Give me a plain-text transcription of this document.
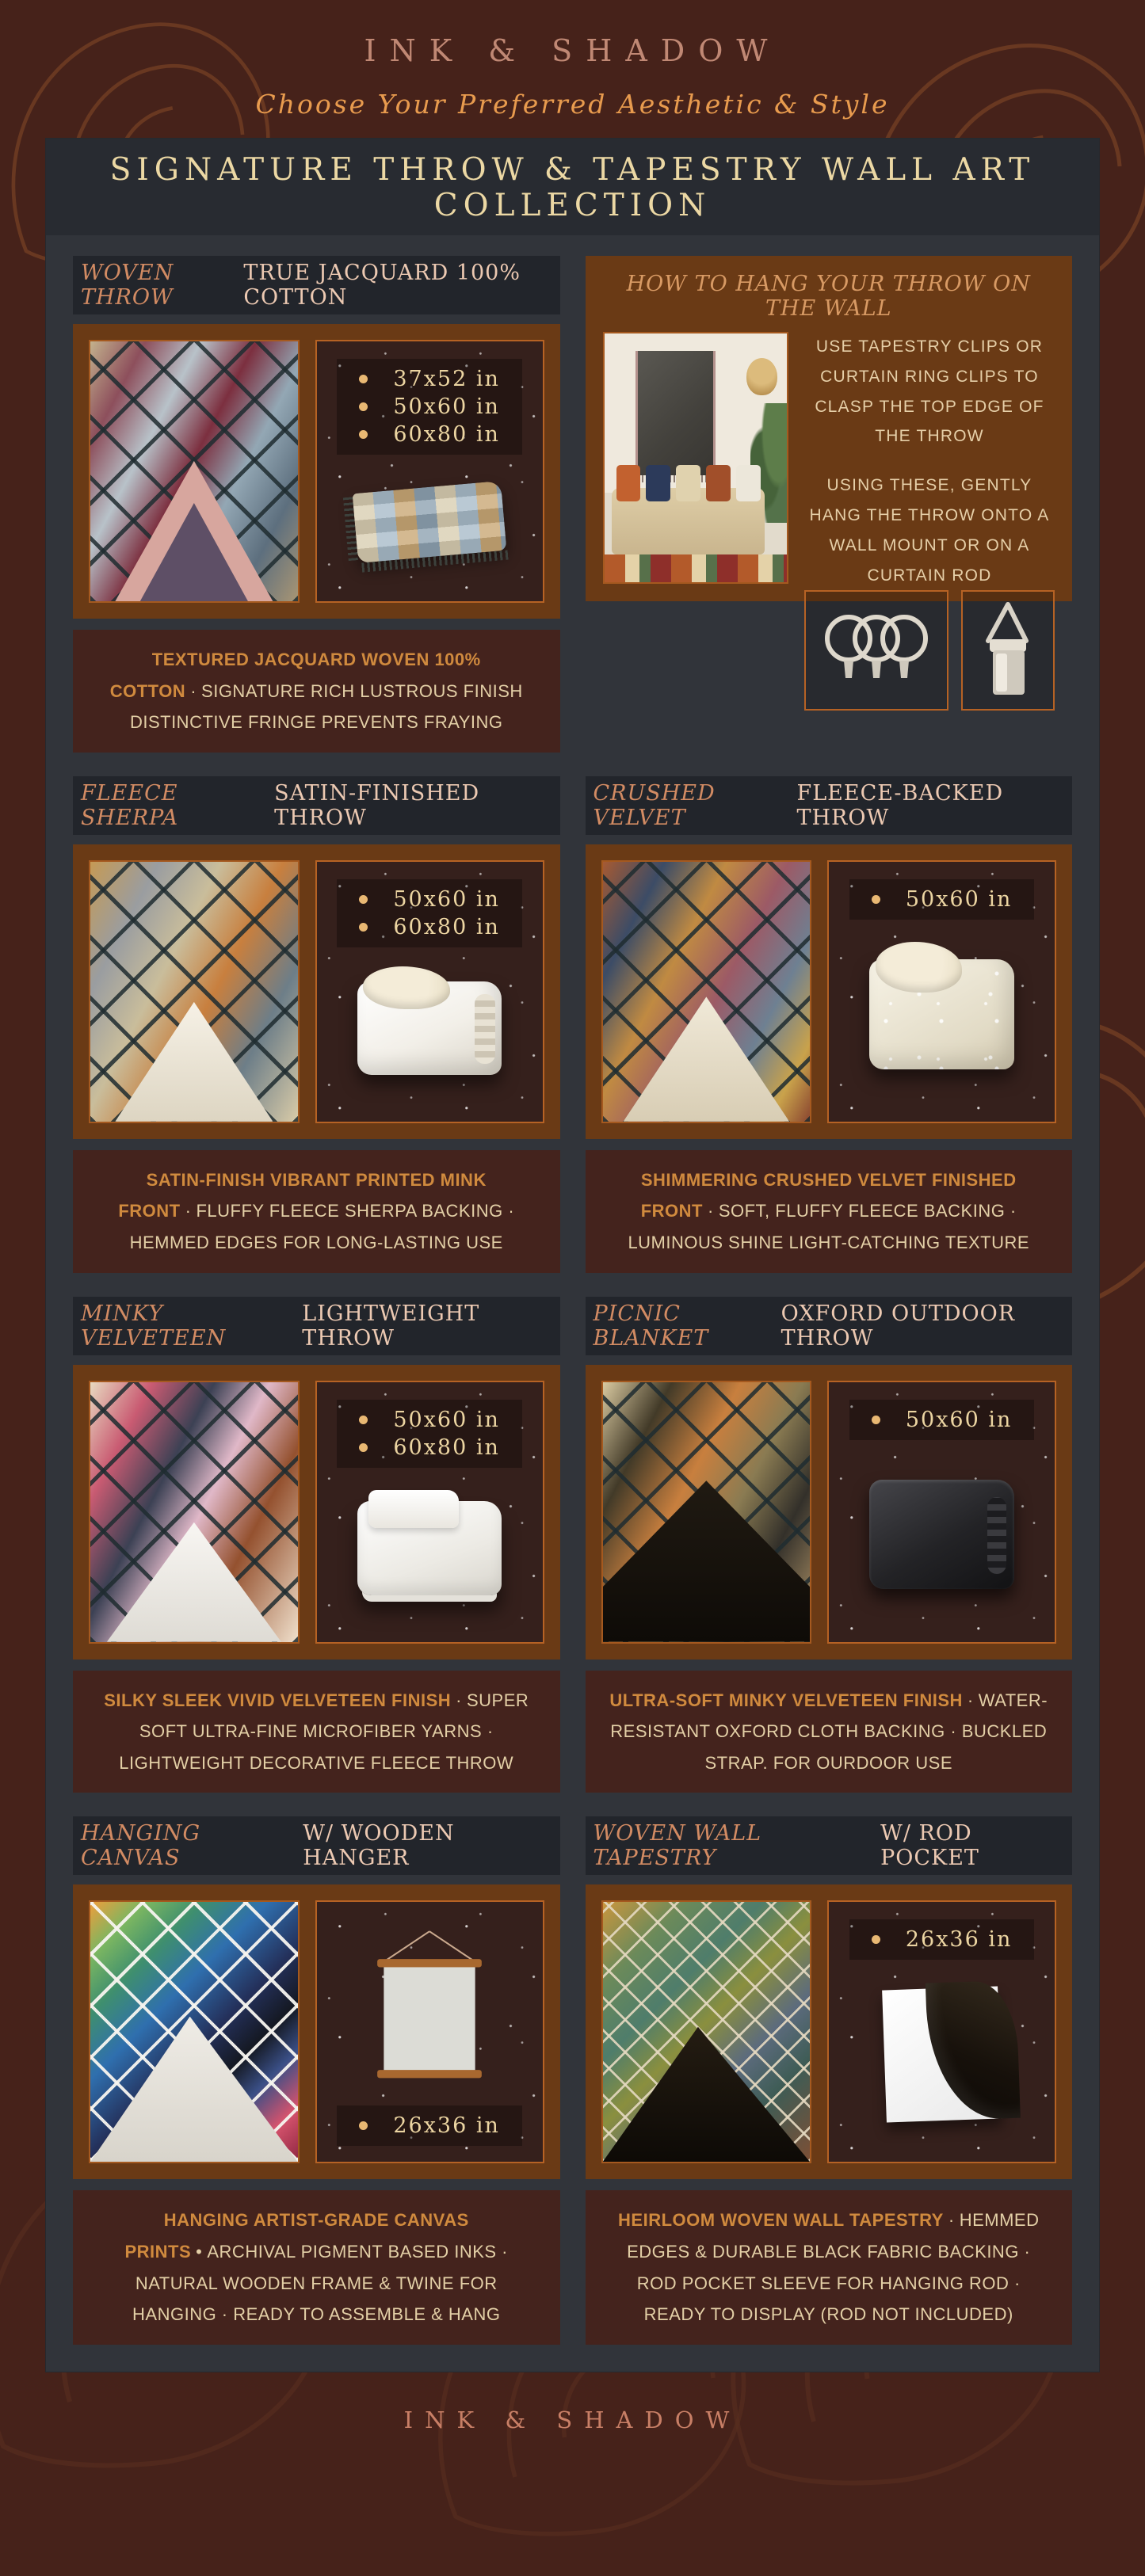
INK & SHADOW
Choose Your Preferred Aesthetic & Style
SIGNATURE THROW & TAPESTRY WALL ART COLLECTION
WOVEN THROW
TRUE JACQUARD 100% COTTON
37x52 in
50x60 in
60x80 in
TEXTURED JACQUARD WOVEN 100% COTTON · SIGNATURE RICH LUSTROUS FINISH DISTINCTIVE FRINGE PREVENTS FRAYING
HOW TO HANG YOUR THROW ON THE WALL
USE TAPESTRY CLIPS OR CURTAIN RING CLIPS TO CLASP THE TOP EDGE OF THE THROW
USING THESE, GENTLY HANG THE THROW ONTO A WALL MOUNT OR ON A CURTAIN ROD
FLEECE SHERPA
SATIN-FINISHED THROW
50x60 in
60x80 in
SATIN-FINISH VIBRANT PRINTED MINK FRONT · FLUFFY FLEECE SHERPA BACKING · HEMMED EDGES FOR LONG-LASTING USE
CRUSHED VELVET
FLEECE-BACKED THROW
50x60 in
SHIMMERING CRUSHED VELVET FINISHED FRONT · SOFT, FLUFFY FLEECE BACKING · LUMINOUS SHINE LIGHT-CATCHING TEXTURE
MINKY VELVETEEN
LIGHTWEIGHT THROW
50x60 in
60x80 in
SILKY SLEEK VIVID VELVETEEN FINISH · SUPER SOFT ULTRA-FINE MICROFIBER YARNS · LIGHTWEIGHT DECORATIVE FLEECE THROW
PICNIC BLANKET
OXFORD OUTDOOR THROW
50x60 in
ULTRA-SOFT MINKY VELVETEEN FINISH · WATER-RESISTANT OXFORD CLOTH BACKING · BUCKLED STRAP. FOR OURDOOR USE
HANGING CANVAS
W/ WOODEN HANGER
26x36 in
HANGING ARTIST-GRADE CANVAS PRINTS • ARCHIVAL PIGMENT BASED INKS · NATURAL WOODEN FRAME & TWINE FOR HANGING · READY TO ASSEMBLE & HANG
WOVEN WALL TAPESTRY
W/ ROD POCKET
26x36 in
HEIRLOOM WOVEN WALL TAPESTRY · HEMMED EDGES & DURABLE BLACK FABRIC BACKING · ROD POCKET SLEEVE FOR HANGING ROD · READY TO DISPLAY (ROD NOT INCLUDED)
INK & SHADOW
